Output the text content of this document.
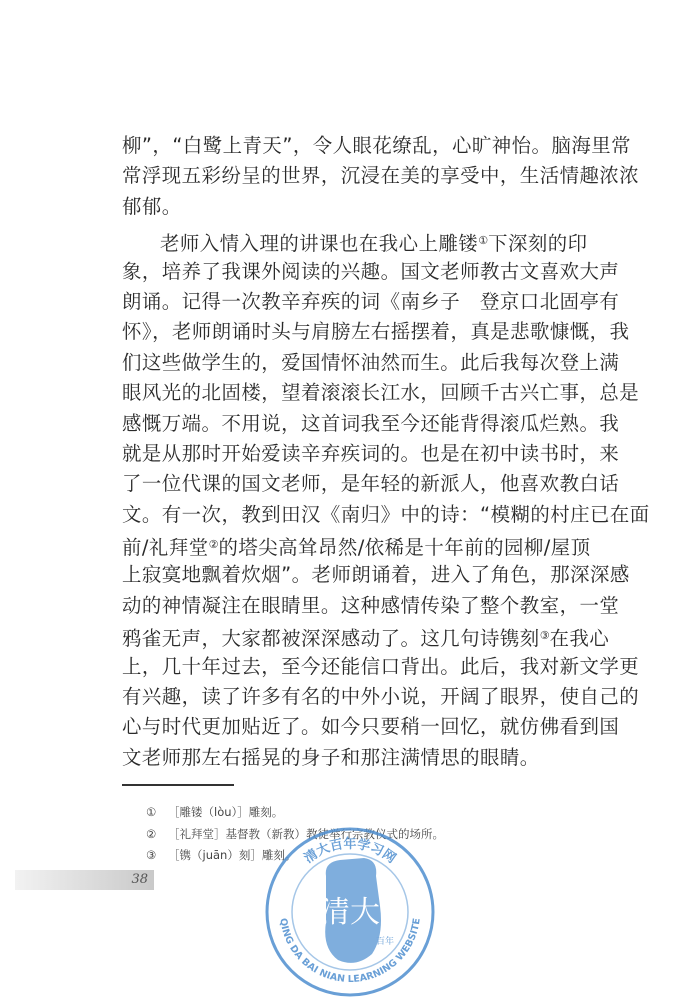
柳”，“白鹭上青天”，令人眼花缭乱，心旷神怡。脑海里常
常浮现五彩纷呈的世界，沉浸在美的享受中，生活情趣浓浓
郁郁。
老师入情入理的讲课也在我心上雕镂①下深刻的印
象，培养了我课外阅读的兴趣。国文老师教古文喜欢大声
朗诵。记得一次教辛弃疾的词《南乡子　登京口北固亭有
怀》，老师朗诵时头与肩膀左右摇摆着，真是悲歌慷慨，我
们这些做学生的，爱国情怀油然而生。此后我每次登上满
眼风光的北固楼，望着滚滚长江水，回顾千古兴亡事，总是
感慨万端。不用说，这首词我至今还能背得滚瓜烂熟。我
就是从那时开始爱读辛弃疾词的。也是在初中读书时，来
了一位代课的国文老师，是年轻的新派人，他喜欢教白话
文。有一次，教到田汉《南归》中的诗：“模糊的村庄已在面
前/礼拜堂②的塔尖高耸昂然/依稀是十年前的园柳/屋顶
上寂寞地飘着炊烟”。老师朗诵着，进入了角色，那深深感
动的神情凝注在眼睛里。这种感情传染了整个教室，一堂
鸦雀无声，大家都被深深感动了。这几句诗镌刻③在我心
上，几十年过去，至今还能信口背出。此后，我对新文学更
有兴趣，读了许多有名的中外小说，开阔了眼界，使自己的
心与时代更加贴近了。如今只要稍一回忆，就仿佛看到国
文老师那左右摇晃的身子和那注满情思的眼睛。
① ［雕镂（lòu）］雕刻。
② ［礼拜堂］基督教（新教）教徒举行宗教仪式的场所。
③ ［镌（juān）刻］雕刻。
38
清大
百年
清大百年学习网
QING DA BAI NIAN LEARNING WEBSITE
